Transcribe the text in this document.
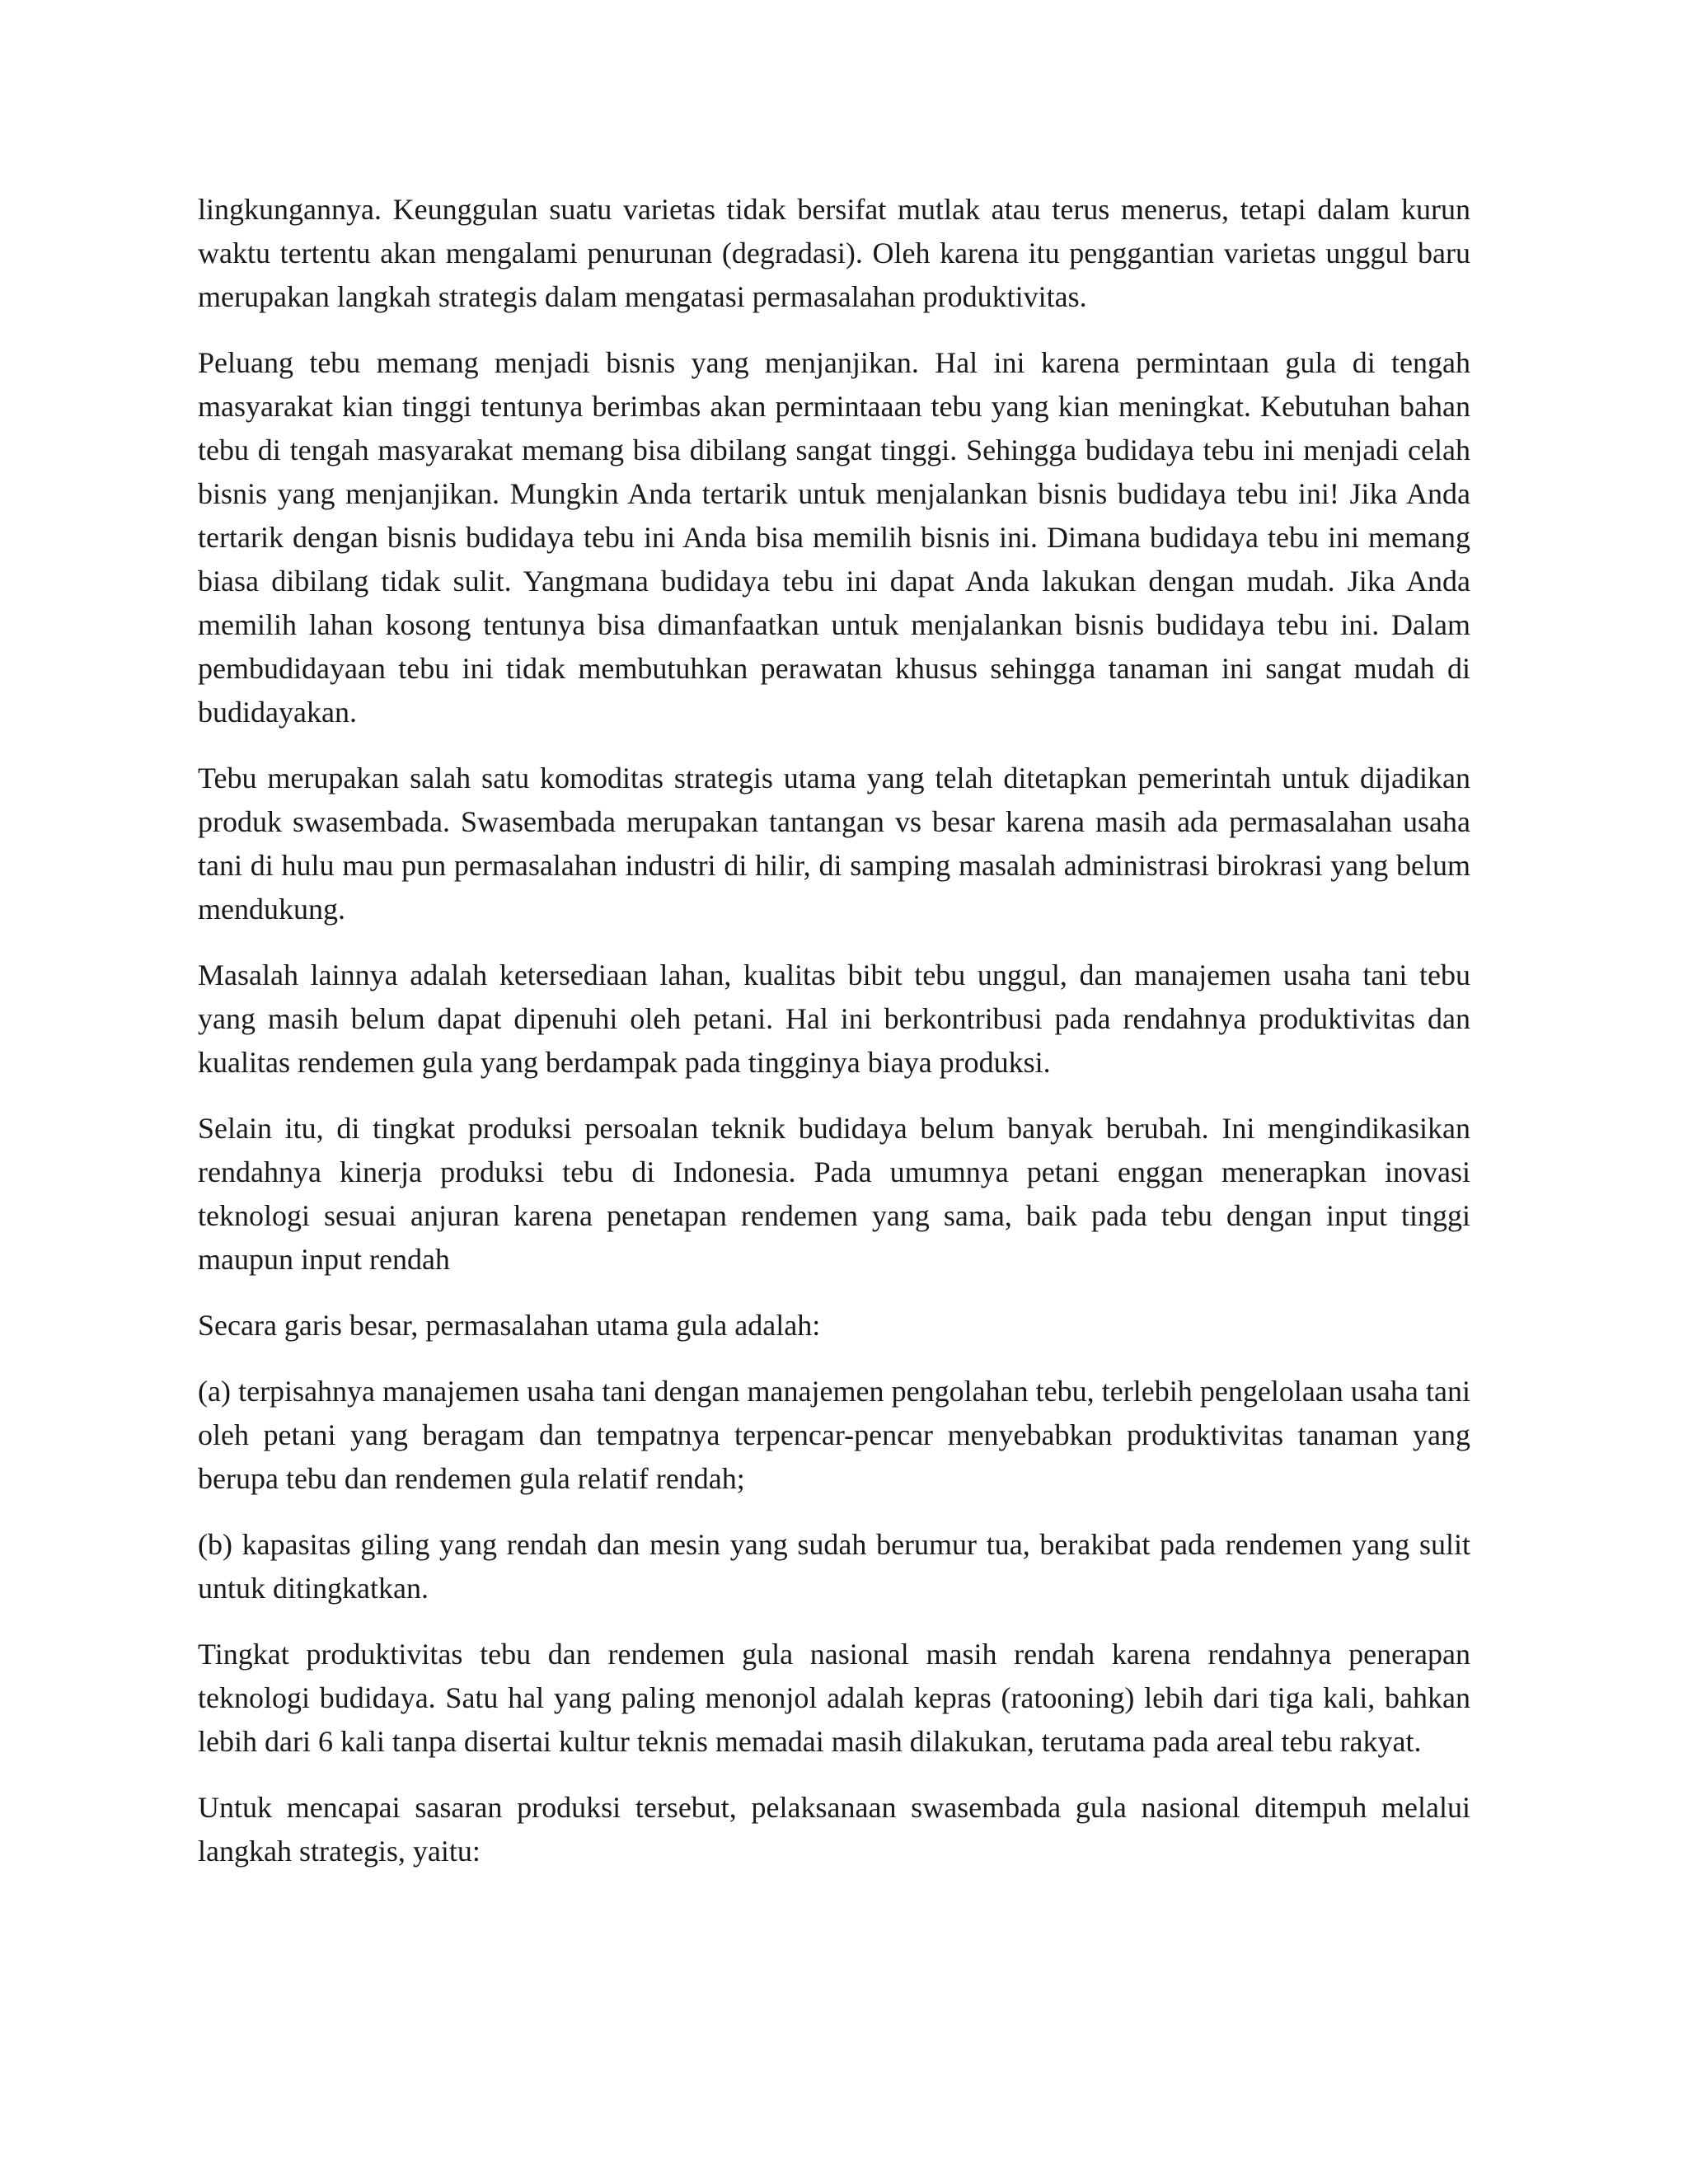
lingkungannya. Keunggulan suatu varietas tidak bersifat mutlak atau terus menerus, tetapi dalam kurun waktu tertentu akan mengalami penurunan (degradasi). Oleh karena itu penggantian varietas unggul baru merupakan langkah strategis dalam mengatasi permasalahan produktivitas.

Peluang tebu memang menjadi bisnis yang menjanjikan. Hal ini karena permintaan gula di tengah masyarakat kian tinggi tentunya berimbas akan permintaaan tebu yang kian meningkat. Kebutuhan bahan tebu di tengah masyarakat memang bisa dibilang sangat tinggi. Sehingga budidaya tebu ini menjadi celah bisnis yang menjanjikan. Mungkin Anda tertarik untuk menjalankan bisnis budidaya tebu ini! Jika Anda tertarik dengan bisnis budidaya tebu ini Anda bisa memilih bisnis ini. Dimana budidaya tebu ini memang biasa dibilang tidak sulit. Yangmana budidaya tebu ini dapat Anda lakukan dengan mudah. Jika Anda memilih lahan kosong tentunya bisa dimanfaatkan untuk menjalankan bisnis budidaya tebu ini. Dalam pembudidayaan tebu ini tidak membutuhkan perawatan khusus sehingga tanaman ini sangat mudah di budidayakan.

Tebu merupakan salah satu komoditas strategis utama yang telah ditetapkan pemerintah untuk dijadikan produk swasembada. Swasembada merupakan tantangan vs besar karena masih ada permasalahan usaha tani di hulu mau pun permasalahan industri di hilir, di samping masalah administrasi birokrasi yang belum mendukung.

Masalah lainnya adalah ketersediaan lahan, kualitas bibit tebu unggul, dan manajemen usaha tani tebu yang masih belum dapat dipenuhi oleh petani. Hal ini berkontribusi pada rendahnya produktivitas dan kualitas rendemen gula yang berdampak pada tingginya biaya produksi.

Selain itu, di tingkat produksi persoalan teknik budidaya belum banyak berubah. Ini mengindikasikan rendahnya kinerja produksi tebu di Indonesia. Pada umumnya petani enggan menerapkan inovasi teknologi sesuai anjuran karena penetapan rendemen yang sama, baik pada tebu dengan input tinggi maupun input rendah

Secara garis besar, permasalahan utama gula adalah:

(a) terpisahnya manajemen usaha tani dengan manajemen pengolahan tebu, terlebih pengelolaan usaha tani oleh petani yang beragam dan tempatnya terpencar-pencar menyebabkan produktivitas tanaman yang berupa tebu dan rendemen gula relatif rendah;

(b) kapasitas giling yang rendah dan mesin yang sudah berumur tua, berakibat pada rendemen yang sulit untuk ditingkatkan.

Tingkat produktivitas tebu dan rendemen gula nasional masih rendah karena rendahnya penerapan teknologi budidaya. Satu hal yang paling menonjol adalah kepras (ratooning) lebih dari tiga kali, bahkan lebih dari 6 kali tanpa disertai kultur teknis memadai masih dilakukan, terutama pada areal tebu rakyat.

Untuk mencapai sasaran produksi tersebut, pelaksanaan swasembada gula nasional ditempuh melalui langkah strategis, yaitu:
